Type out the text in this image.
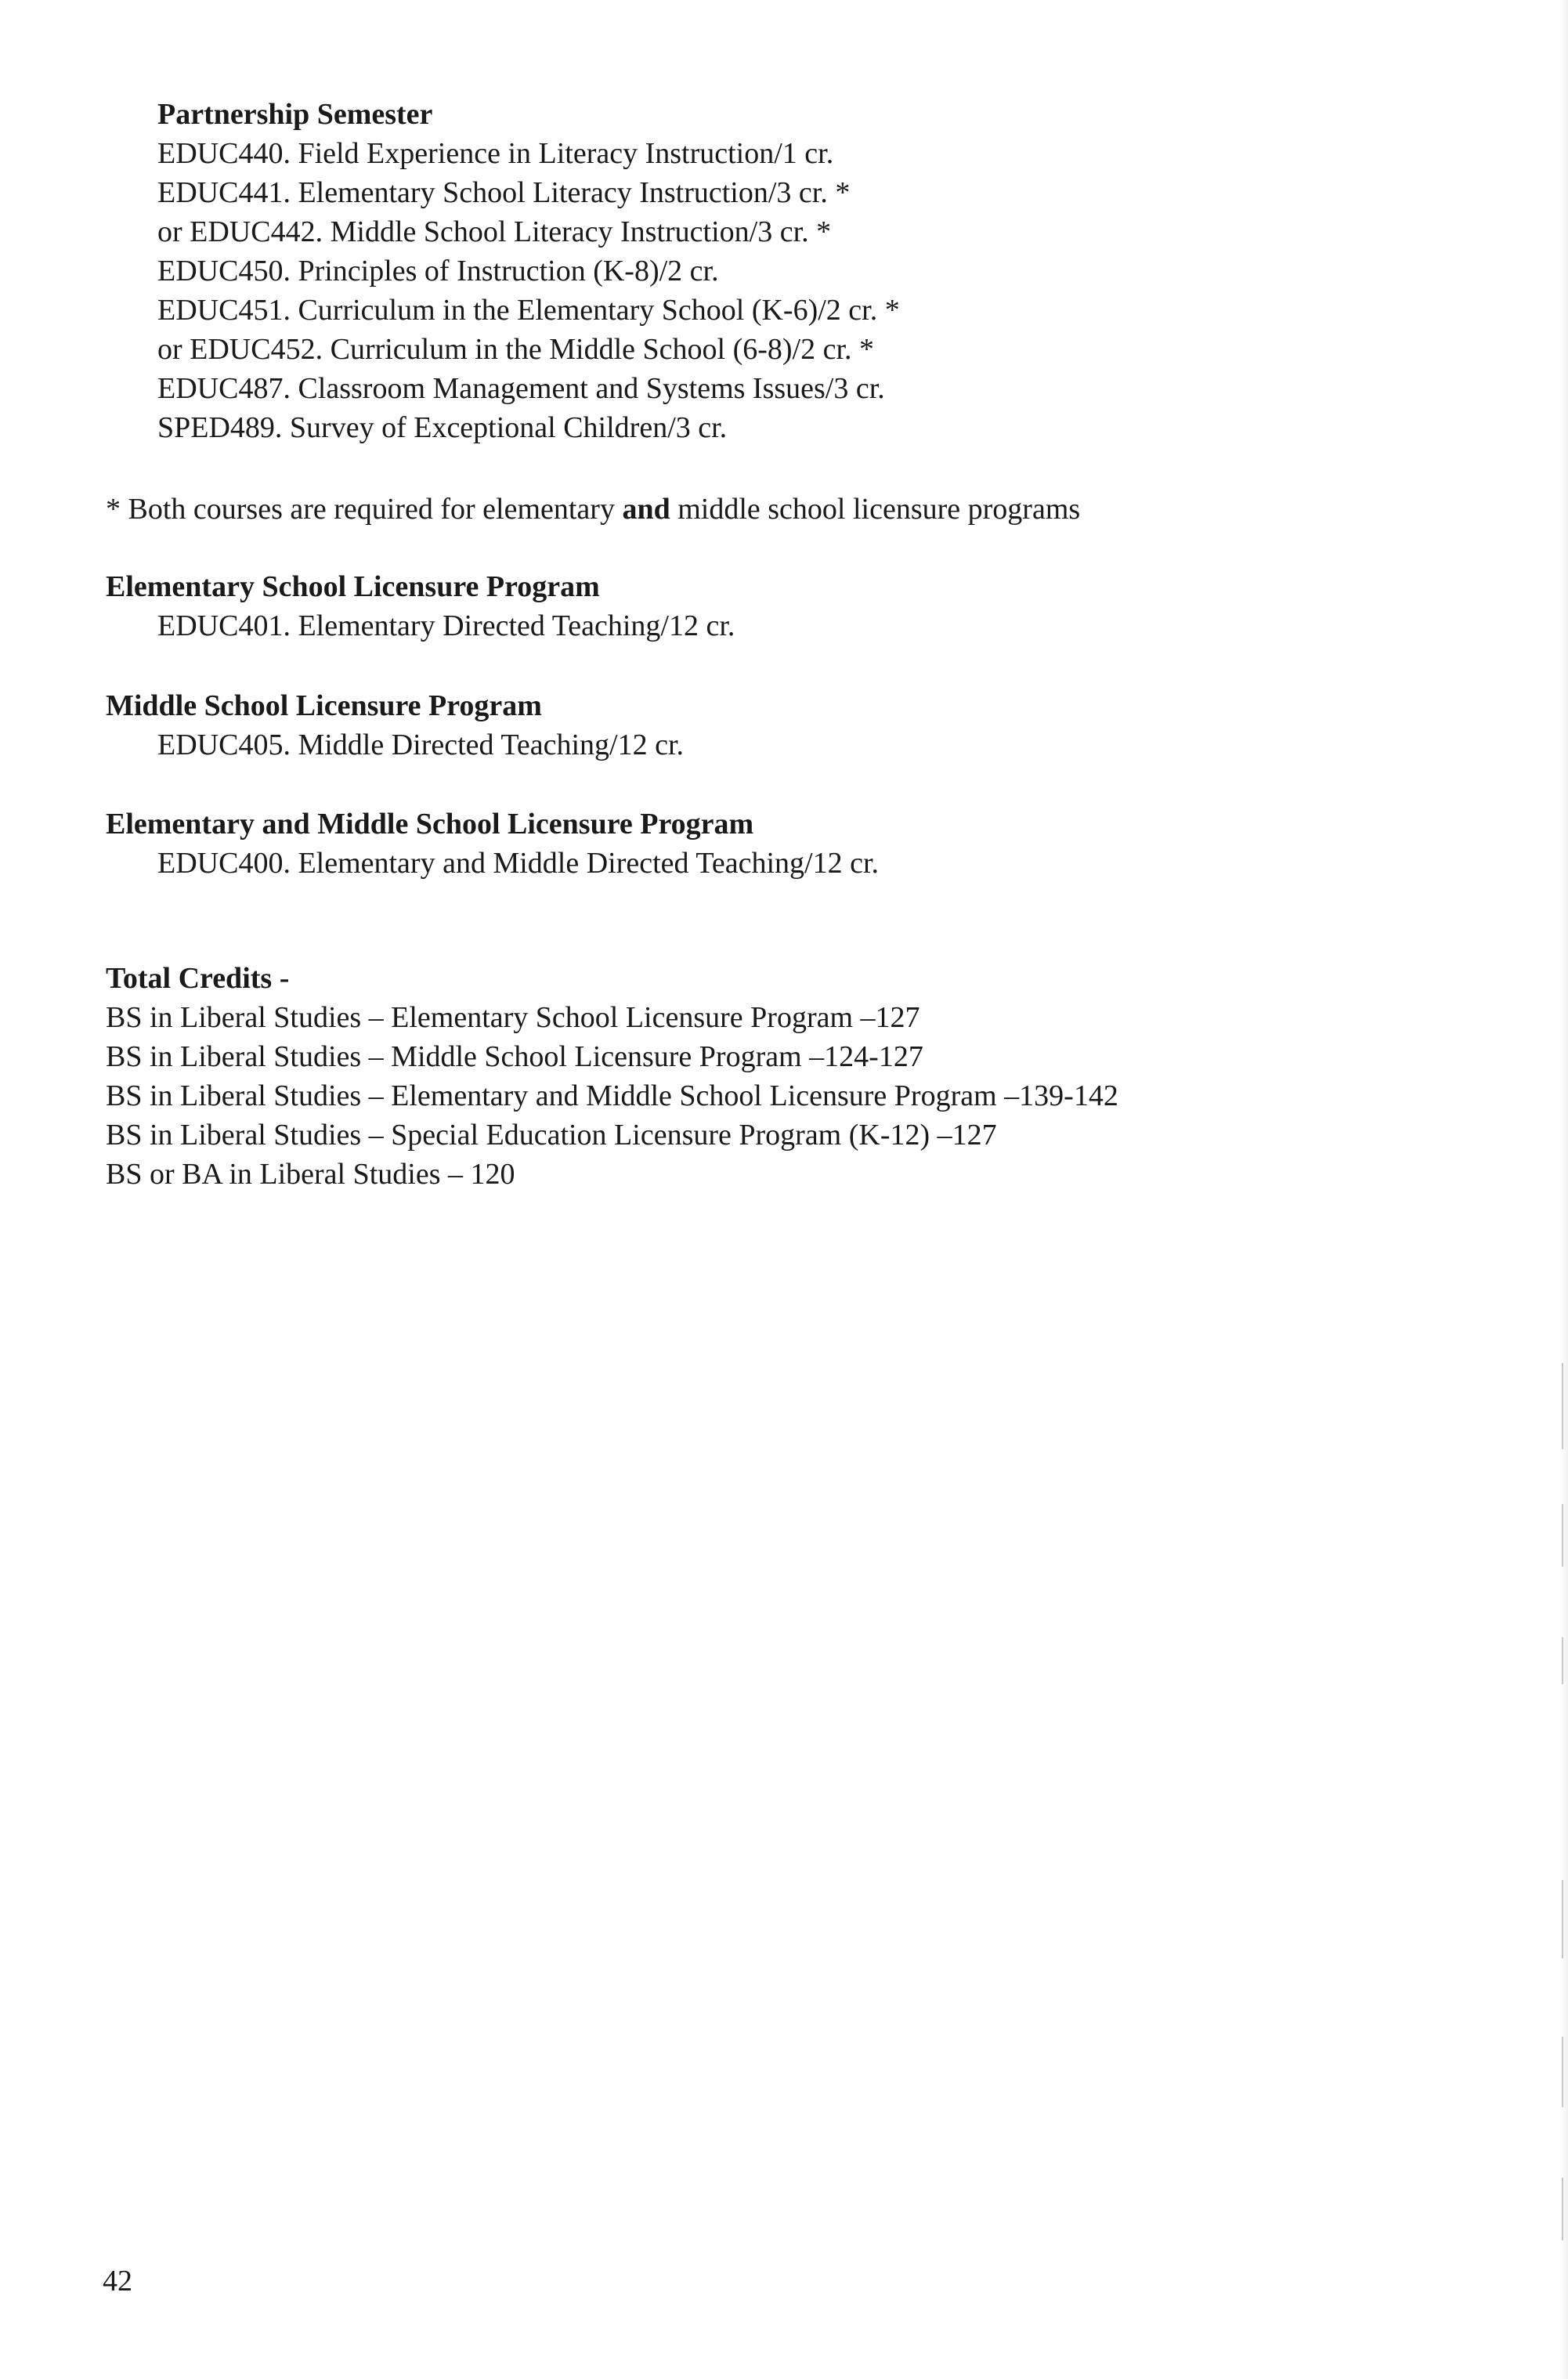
Partnership Semester
EDUC440. Field Experience in Literacy Instruction/1 cr.
EDUC441. Elementary School Literacy Instruction/3 cr. *
or EDUC442. Middle School Literacy Instruction/3 cr. *
EDUC450. Principles of Instruction (K-8)/2 cr.
EDUC451. Curriculum in the Elementary School (K-6)/2 cr. *
or EDUC452. Curriculum in the Middle School (6-8)/2 cr. *
EDUC487. Classroom Management and Systems Issues/3 cr.
SPED489. Survey of Exceptional Children/3 cr.
* Both courses are required for elementary and middle school licensure programs
Elementary School Licensure Program
EDUC401. Elementary Directed Teaching/12 cr.
Middle School Licensure Program
EDUC405. Middle Directed Teaching/12 cr.
Elementary and Middle School Licensure Program
EDUC400. Elementary and Middle Directed Teaching/12 cr.
Total Credits -
BS in Liberal Studies – Elementary School Licensure Program –127
BS in Liberal Studies – Middle School Licensure Program –124-127
BS in Liberal Studies – Elementary and Middle School Licensure Program –139-142
BS in Liberal Studies – Special Education Licensure Program (K-12) –127
BS or BA in Liberal Studies – 120
42
